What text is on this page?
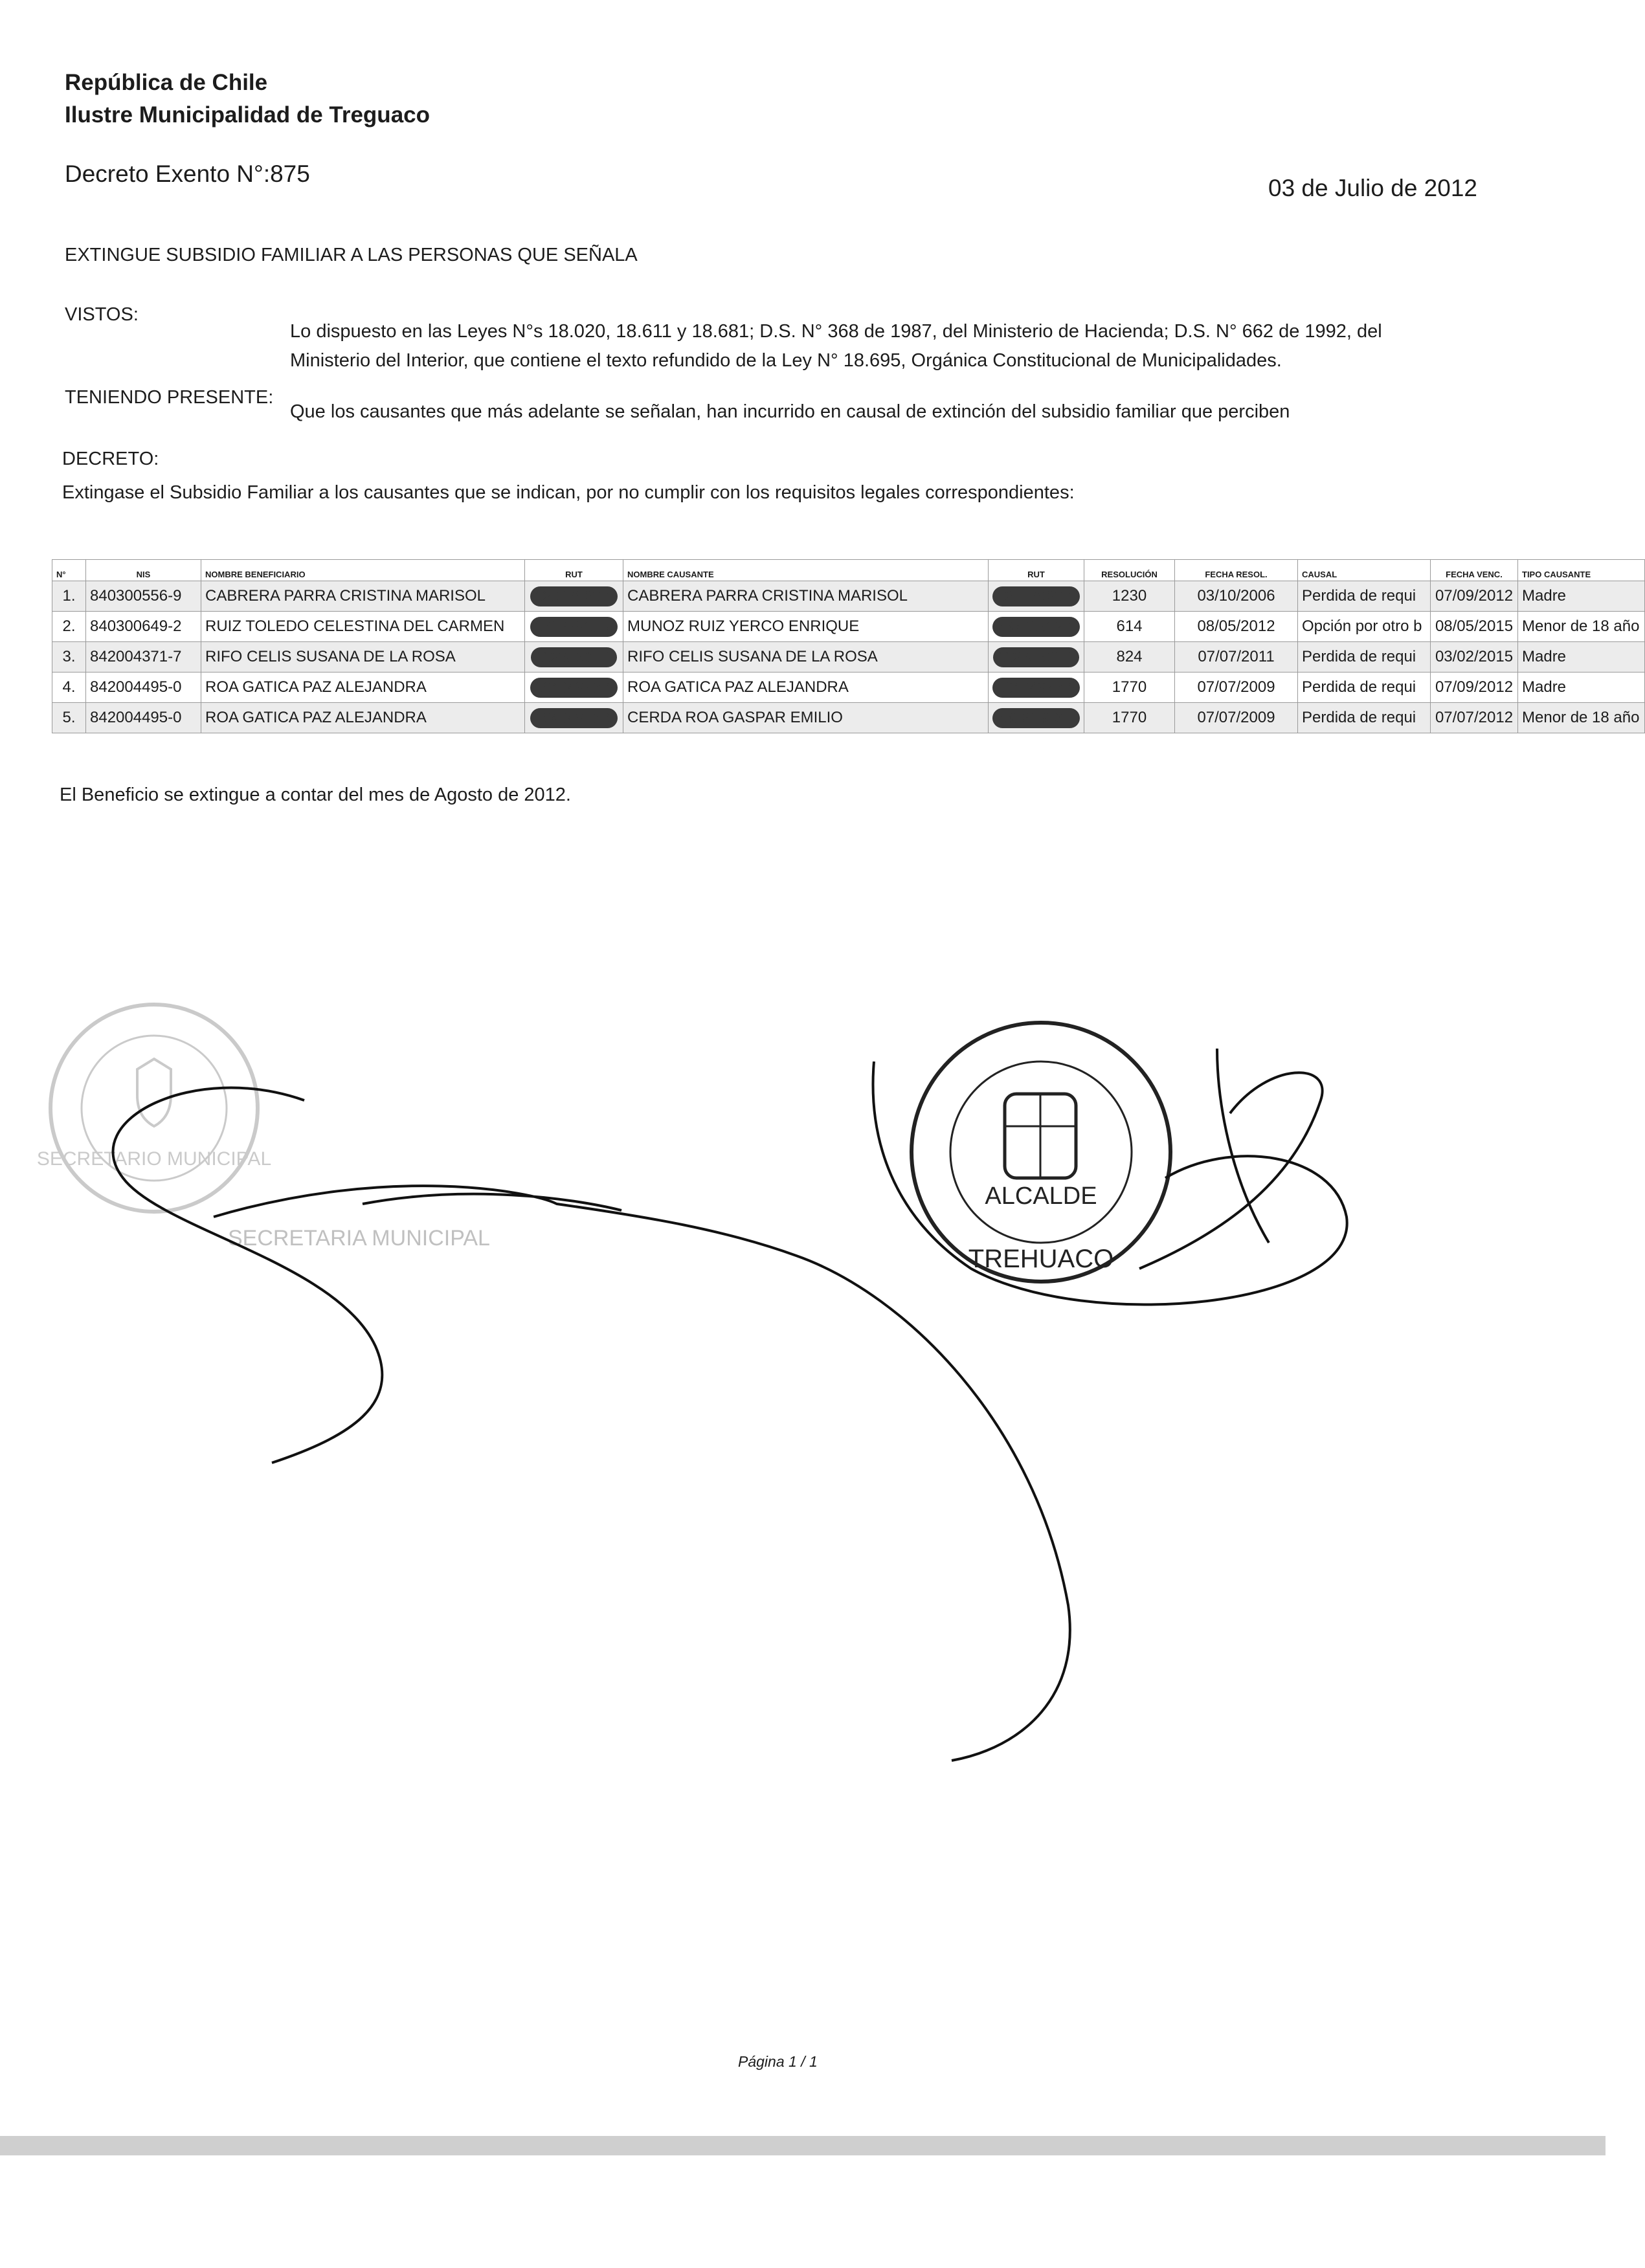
República de Chile
Ilustre Municipalidad de Treguaco
Decreto Exento N°:875
03 de Julio de 2012
EXTINGUE SUBSIDIO FAMILIAR A LAS PERSONAS QUE SEÑALA
VISTOS:
Lo dispuesto en las Leyes N°s 18.020, 18.611 y 18.681; D.S. N° 368 de 1987, del Ministerio de Hacienda; D.S. N° 662 de 1992, del
Ministerio del Interior, que contiene el texto refundido de la Ley N° 18.695, Orgánica Constitucional de Municipalidades.
TENIENDO PRESENTE:
Que los causantes que más adelante se señalan, han incurrido en causal de extinción del subsidio familiar que perciben
DECRETO:
Extingase el Subsidio Familiar a los causantes que se indican, por no cumplir con los requisitos legales correspondientes:
N°	NIS	NOMBRE BENEFICIARIO	RUT	NOMBRE CAUSANTE	RUT	RESOLUCIÓN	FECHA RESOL.	CAUSAL	FECHA VENC.	TIPO CAUSANTE
1.	840300556-9	CABRERA PARRA CRISTINA MARISOL	12007829-1	CABRERA PARRA CRISTINA MARISOL	12007829-1	1230	03/10/2006	Perdida de requi	07/09/2012	Madre
2.	840300649-2	RUIZ TOLEDO CELESTINA DEL CARMEN	13127910-8	MUNOZ RUIZ YERCO ENRIQUE	23702512-1	614	08/05/2012	Opción por otro b	08/05/2015	Menor de 18 año
3.	842004371-7	RIFO CELIS SUSANA DE LA ROSA	11290301-1	RIFO CELIS SUSANA DE LA ROSA	11290301-1	824	07/07/2011	Perdida de requi	03/02/2015	Madre
4.	842004495-0	ROA GATICA PAZ ALEJANDRA	16404973-6	ROA GATICA PAZ ALEJANDRA	16404973-6	1770	07/07/2009	Perdida de requi	07/09/2012	Madre
5.	842004495-0	ROA GATICA PAZ ALEJANDRA	16404973-6	CERDA ROA GASPAR EMILIO	23021326-7	1770	07/07/2009	Perdida de requi	07/07/2012	Menor de 18 año
El Beneficio se extingue a contar del mes de Agosto de 2012.
SECRETARIO MUNICIPAL
SECRETARIA MUNICIPAL
ALCALDE
TREHUACO
Página 1 / 1
